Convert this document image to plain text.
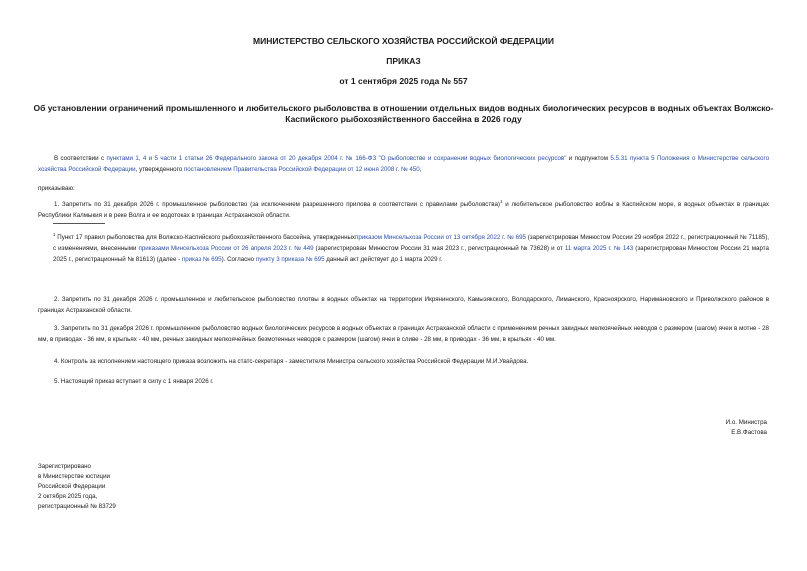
МИНИСТЕРСТВО СЕЛЬСКОГО ХОЗЯЙСТВА РОССИЙСКОЙ ФЕДЕРАЦИИ
ПРИКАЗ
от 1 сентября 2025 года № 557
Об установлении ограничений промышленного и любительского рыболовства в отношении отдельных видов водных биологических ресурсов в водных объектах Волжско-Каспийского рыбохозяйственного бассейна в 2026 году
В соответствии с пунктами 1, 4 и 5 части 1 статьи 26 Федерального закона от 20 декабря 2004 г. № 166-ФЗ "О рыболовстве и сохранении водных биологических ресурсов" и подпунктом 5.5.31 пункта 5 Положения о Министерстве сельского хозяйства Российской Федерации, утвержденного постановлением Правительства Российской Федерации от 12 июня 2008 г. № 450,
приказываю:
1. Запретить по 31 декабря 2026 г. промышленное рыболовство (за исключением разрешенного прилова в соответствии с правилами рыболовства)$^1$ и любительское рыболовство воблы в Каспийском море, в водных объектах в границах Республики Калмыкия и в реке Волга и ее водотоках в границах Астраханской области.
$^1$ Пункт 17 правил рыболовства для Волжско-Каспийского рыбохозяйственного бассейна, утвержденныхприказом Минсельхоза России от 13 октября 2022 г. № 695 (зарегистрирован Минюстом России 29 ноября 2022 г., регистрационный № 71185), с изменениями, внесенными приказами Минсельхоза России от 26 апреля 2023 г. № 449 (зарегистрирован Минюстом России 31 мая 2023 г., регистрационный № 73628) и от 11 марта 2025 г. № 143 (зарегистрирован Минюстом России 21 марта 2025 г., регистрационный № 81613) (далее - приказ № 695). Согласно пункту 3 приказа № 695 данный акт действует до 1 марта 2029 г.
2. Запретить по 31 декабря 2026 г. промышленное и любительское рыболовство плотвы в водных объектах на территории Икрянинского, Камызякского, Володарского, Лиманского, Красноярского, Наримановского и Приволжского районов в границах Астраханской области.
3. Запретить по 31 декабря 2026 г. промышленное рыболовство водных биологических ресурсов в водных объектах в границах Астраханской области с применением речных закидных мелкоячейных неводов с размером (шагом) ячеи в мотне - 28 мм, в приводах - 36 мм, в крыльях - 40 мм, речных закидных мелкоячейных безмотенных неводов с размером (шагом) ячеи в сливе - 28 мм, в приводах - 36 мм, в крыльях - 40 мм.
4. Контроль за исполнением настоящего приказа возложить на статс-секретаря - заместителя Министра сельского хозяйства Российской Федерации М.И.Увайдова.
5. Настоящий приказ вступает в силу с 1 января 2026 г.
И.о. Министра
Е.В.Фастова
Зарегистрировано
в Министерстве юстиции
Российской Федерации
2 октября 2025 года,
регистрационный № 83729
